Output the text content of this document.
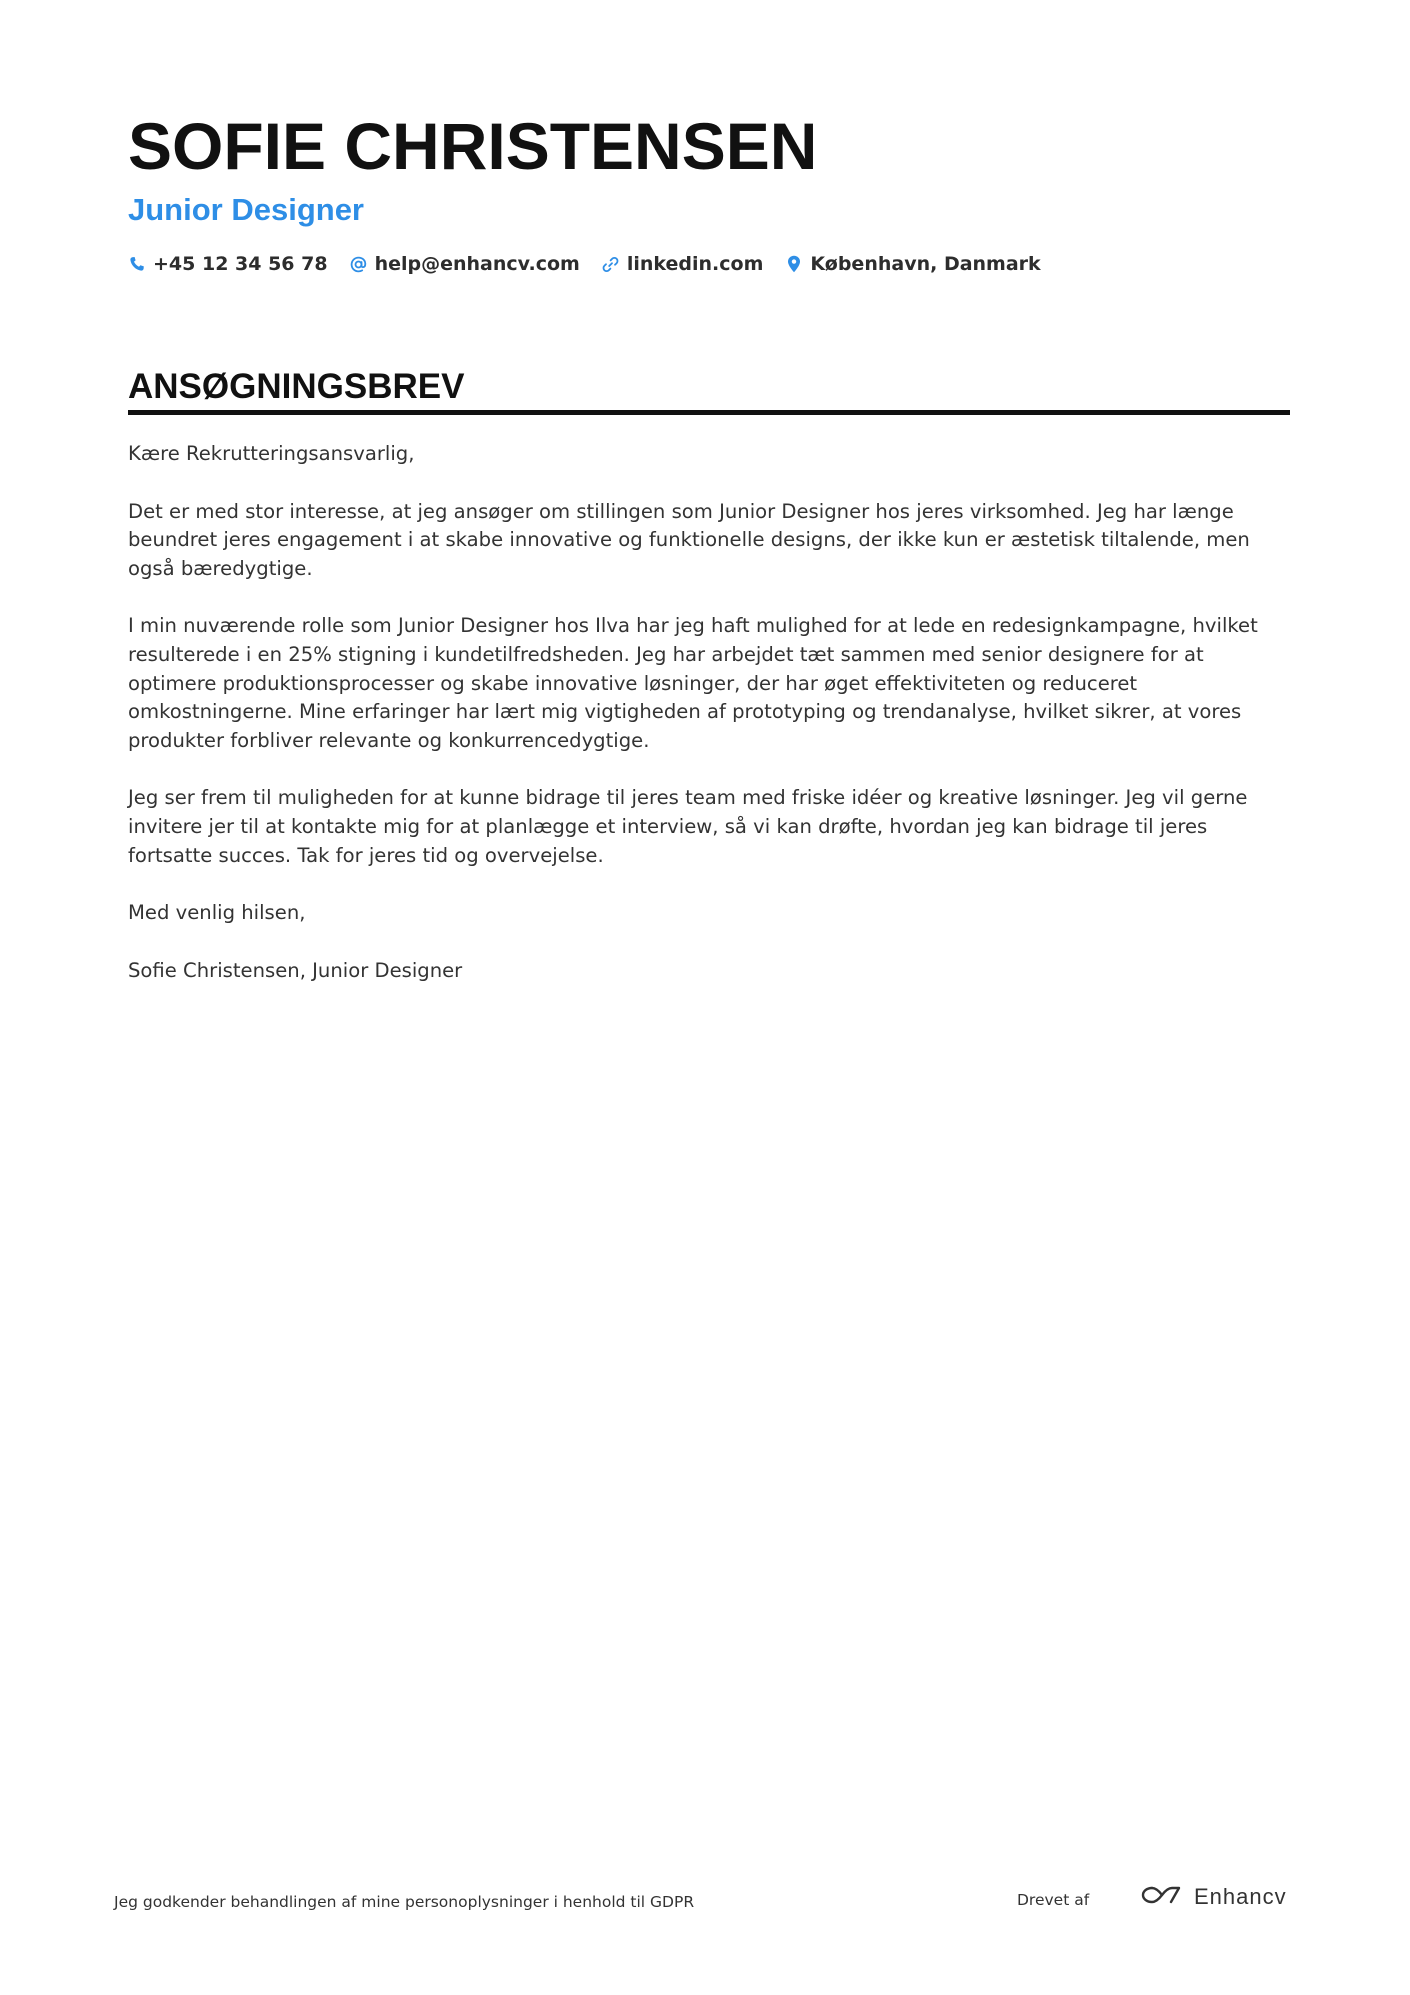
SOFIE CHRISTENSEN
Junior Designer
+45 12 34 56 78 help@enhancv.com linkedin.com København, Danmark
ANSØGNINGSBREV

Kære Rekrutteringsansvarlig,

Det er med stor interesse, at jeg ansøger om stillingen som Junior Designer hos jeres virksomhed. Jeg har længe beundret jeres engagement i at skabe innovative og funktionelle designs, der ikke kun er æstetisk tiltalende, men også bæredygtige.

I min nuværende rolle som Junior Designer hos Ilva har jeg haft mulighed for at lede en redesignkampagne, hvilket resulterede i en 25% stigning i kundetilfredsheden. Jeg har arbejdet tæt sammen med senior designere for at optimere produktionsprocesser og skabe innovative løsninger, der har øget effektiviteten og reduceret omkostningerne. Mine erfaringer har lært mig vigtigheden af prototyping og trendanalyse, hvilket sikrer, at vores produkter forbliver relevante og konkurrencedygtige.

Jeg ser frem til muligheden for at kunne bidrage til jeres team med friske idéer og kreative løsninger. Jeg vil gerne invitere jer til at kontakte mig for at planlægge et interview, så vi kan drøfte, hvordan jeg kan bidrage til jeres fortsatte succes. Tak for jeres tid og overvejelse.

Med venlig hilsen,

Sofie Christensen, Junior Designer

Jeg godkender behandlingen af mine personoplysninger i henhold til GDPR	Drevet af	Enhancv
